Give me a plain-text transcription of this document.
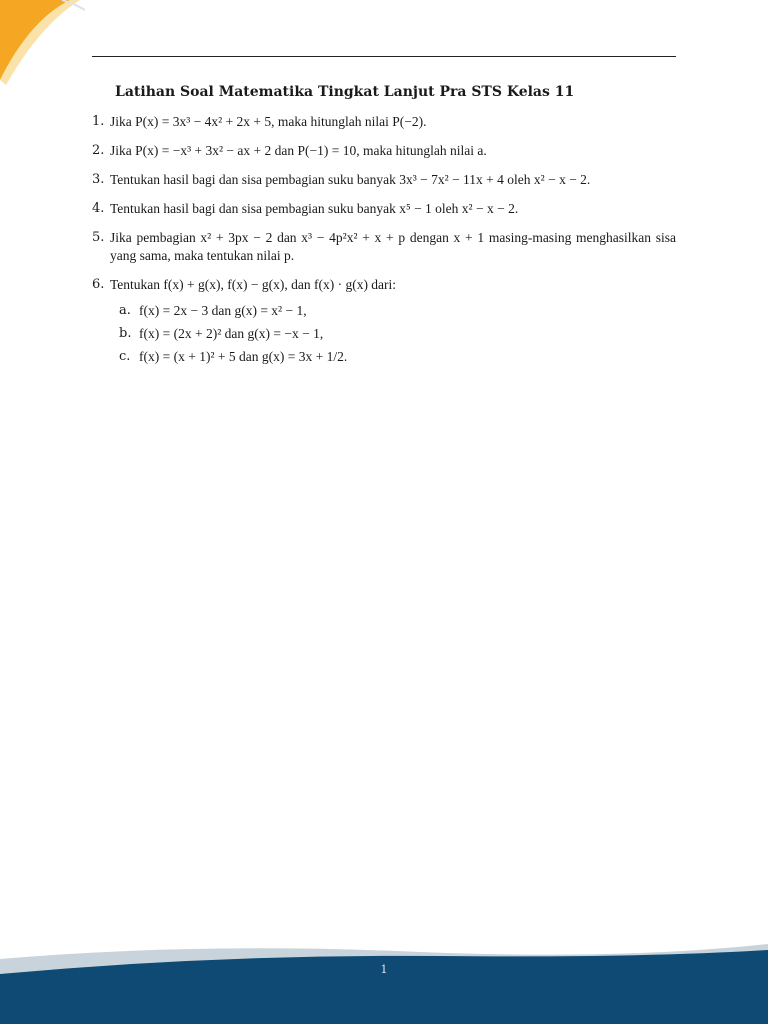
Latihan Soal Matematika Tingkat Lanjut Pra STS Kelas 11
1. Jika P(x) = 3x³ − 4x² + 2x + 5, maka hitunglah nilai P(−2).
2. Jika P(x) = −x³ + 3x² − ax + 2 dan P(−1) = 10, maka hitunglah nilai a.
3. Tentukan hasil bagi dan sisa pembagian suku banyak 3x³ − 7x² − 11x + 4 oleh x² − x − 2.
4. Tentukan hasil bagi dan sisa pembagian suku banyak x⁵ − 1 oleh x² − x − 2.
5. Jika pembagian x² + 3px − 2 dan x³ − 4p²x² + x + p dengan x + 1 masing-masing menghasilkan sisa yang sama, maka tentukan nilai p.
6. Tentukan f(x) + g(x), f(x) − g(x), dan f(x) · g(x) dari:
a. f(x) = 2x − 3 dan g(x) = x² − 1,
b. f(x) = (2x + 2)² dan g(x) = −x − 1,
c. f(x) = (x + 1)² + 5 dan g(x) = 3x + 1/2.
1
